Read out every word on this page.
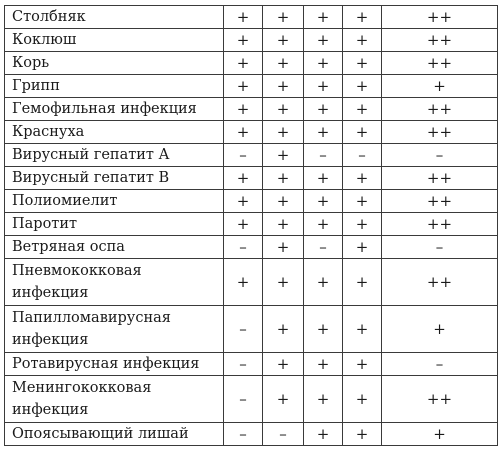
Столбняк	+	+	+	+	++
Коклюш	+	+	+	+	++
Корь	+	+	+	+	++
Грипп	+	+	+	+	+
Гемофильная инфекция	+	+	+	+	++
Краснуха	+	+	+	+	++
Вирусный гепатит А	–	+	–	–	–
Вирусный гепатит В	+	+	+	+	++
Полиомиелит	+	+	+	+	++
Паротит	+	+	+	+	++
Ветряная оспа	–	+	–	+	–

Пневмококковая
инфекция	+	+	+	+	++

Папилломавирусная
инфекция	–	+	+	+	+
Ротавирусная инфекция	–	+	+	+	–

Менингококковая
инфекция	–	+	+	+	++
Опоясывающий лишай	–	–	+	+	+
